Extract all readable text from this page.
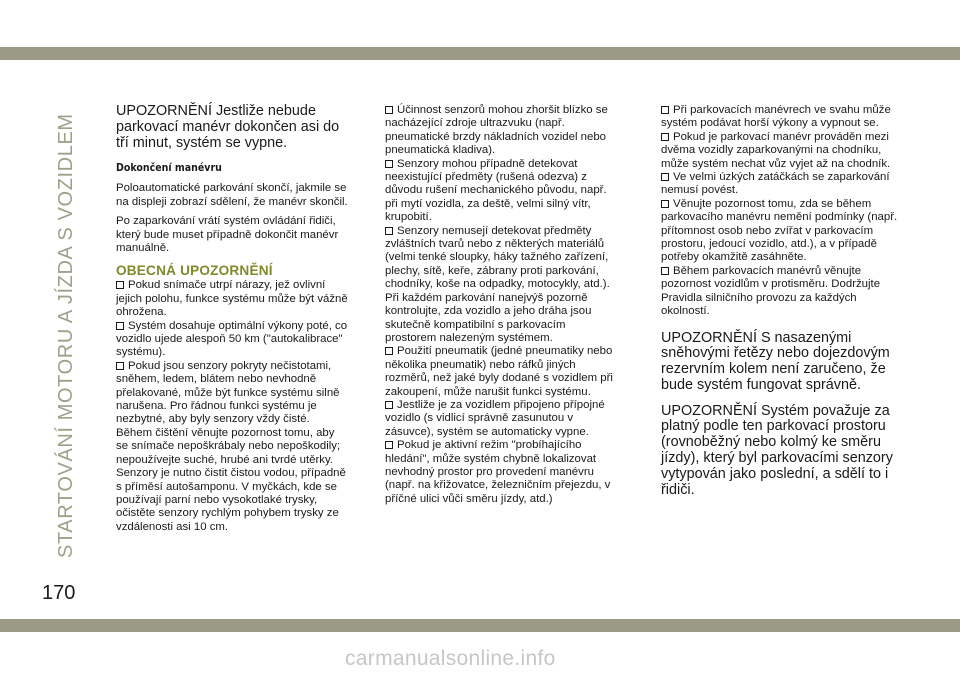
STARTOVÁNÍ MOTORU A JÍZDA S VOZIDLEM

UPOZORNĚNÍ Jestliže nebude parkovací manévr dokončen asi do tří minut, systém se vypne.

Dokončení manévru

Poloautomatické parkování skončí, jakmile se na displeji zobrazí sdělení, že manévr skončil.

Po zaparkování vrátí systém ovládání řidiči, který bude muset případně dokončit manévr manuálně.

OBECNÁ UPOZORNĚNÍ

Pokud snímače utrpí nárazy, jež ovlivní jejich polohu, funkce systému může být vážně ohrožena.

Systém dosahuje optimální výkony poté, co vozidlo ujede alespoň 50 km ("autokalibrace" systému).

Pokud jsou senzory pokryty nečistotami, sněhem, ledem, blátem nebo nevhodně přelakované, může být funkce systému silně narušena. Pro řádnou funkci systému je nezbytné, aby byly senzory vždy čisté. Během čištění věnujte pozornost tomu, aby se snímače nepoškrábaly nebo nepoškodily; nepoužívejte suché, hrubé ani tvrdé utěrky. Senzory je nutno čistit čistou vodou, případně s příměsí autošamponu. V myčkách, kde se používají parní nebo vysokotlaké trysky, očistěte senzory rychlým pohybem trysky ze vzdálenosti asi 10 cm.

Účinnost senzorů mohou zhoršit blízko se nacházející zdroje ultrazvuku (např. pneumatické brzdy nákladních vozidel nebo pneumatická kladiva).

Senzory mohou případně detekovat neexistující předměty (rušená odezva) z důvodu rušení mechanického původu, např. při mytí vozidla, za deště, velmi silný vítr, krupobití.

Senzory nemusejí detekovat předměty zvláštních tvarů nebo z některých materiálů (velmi tenké sloupky, háky tažného zařízení, plechy, sítě, keře, zábrany proti parkování, chodníky, koše na odpadky, motocykly, atd.). Při každém parkování nanejvýš pozorně kontrolujte, zda vozidlo a jeho dráha jsou skutečně kompatibilní s parkovacím prostorem nalezeným systémem.

Použití pneumatik (jedné pneumatiky nebo několika pneumatik) nebo ráfků jiných rozměrů, než jaké byly dodané s vozidlem při zakoupení, může narušit funkci systému.

Jestliže je za vozidlem připojeno přípojné vozidlo (s vidlicí správně zasunutou v zásuvce), systém se automaticky vypne.

Pokud je aktivní režim "probíhajícího hledání", může systém chybně lokalizovat nevhodný prostor pro provedení manévru (např. na křižovatce, železničním přejezdu, v příčné ulici vůči směru jízdy, atd.)

Při parkovacích manévrech ve svahu může systém podávat horší výkony a vypnout se.

Pokud je parkovací manévr prováděn mezi dvěma vozidly zaparkovanými na chodníku, může systém nechat vůz vyjet až na chodník.

Ve velmi úzkých zatáčkách se zaparkování nemusí povést.

Věnujte pozornost tomu, zda se během parkovacího manévru nemění podmínky (např. přítomnost osob nebo zvířat v parkovacím prostoru, jedoucí vozidlo, atd.), a v případě potřeby okamžitě zasáhněte.

Během parkovacích manévrů věnujte pozornost vozidlům v protisměru. Dodržujte Pravidla silničního provozu za každých okolností.

UPOZORNĚNÍ S nasazenými sněhovými řetězy nebo dojezdovým rezervním kolem není zaručeno, že bude systém fungovat správně.

UPOZORNĚNÍ Systém považuje za platný podle ten parkovací prostoru (rovnoběžný nebo kolmý ke směru jízdy), který byl parkovacími senzory vytypován jako poslední, a sdělí to i řidiči.

170
carmanualsonline.info
